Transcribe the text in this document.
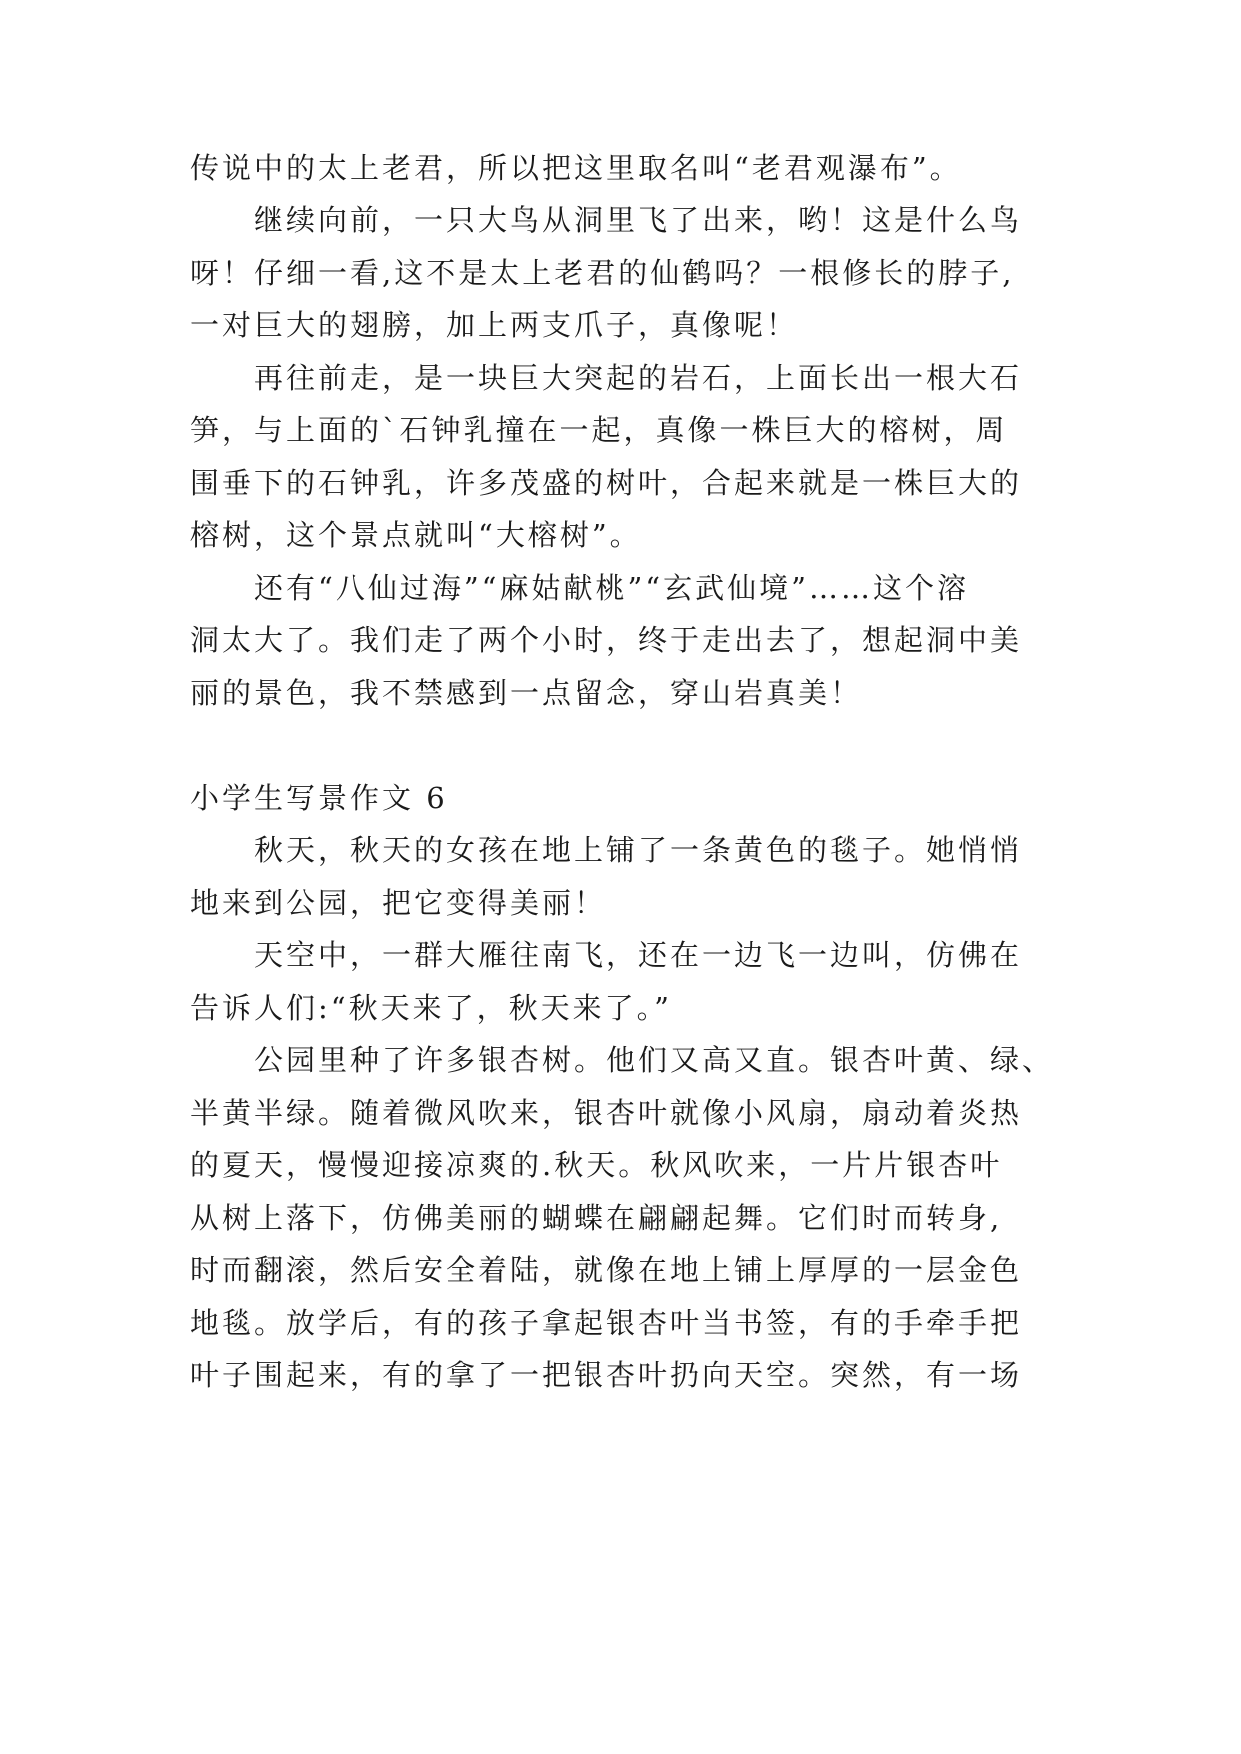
传说中的太上老君，所以把这里取名叫“老君观瀑布”。
继续向前，一只大鸟从洞里飞了出来，哟！这是什么鸟
呀！仔细一看,这不是太上老君的仙鹤吗？一根修长的脖子,
一对巨大的翅膀，加上两支爪子，真像呢！
再往前走，是一块巨大突起的岩石，上面长出一根大石
笋，与上面的`石钟乳撞在一起，真像一株巨大的榕树，周
围垂下的石钟乳，许多茂盛的树叶，合起来就是一株巨大的
榕树，这个景点就叫“大榕树”。
还有“八仙过海”“麻姑献桃”“玄武仙境”……这个溶
洞太大了。我们走了两个小时，终于走出去了，想起洞中美
丽的景色，我不禁感到一点留念，穿山岩真美！
小学生写景作文 6
秋天，秋天的女孩在地上铺了一条黄色的毯子。她悄悄
地来到公园，把它变得美丽！
天空中，一群大雁往南飞，还在一边飞一边叫，仿佛在
告诉人们:“秋天来了，秋天来了。”
公园里种了许多银杏树。他们又高又直。银杏叶黄、绿、
半黄半绿。随着微风吹来，银杏叶就像小风扇，扇动着炎热
的夏天，慢慢迎接凉爽的.秋天。秋风吹来，一片片银杏叶
从树上落下，仿佛美丽的蝴蝶在翩翩起舞。它们时而转身,
时而翻滚，然后安全着陆，就像在地上铺上厚厚的一层金色
地毯。放学后，有的孩子拿起银杏叶当书签，有的手牵手把
叶子围起来，有的拿了一把银杏叶扔向天空。突然，有一场
